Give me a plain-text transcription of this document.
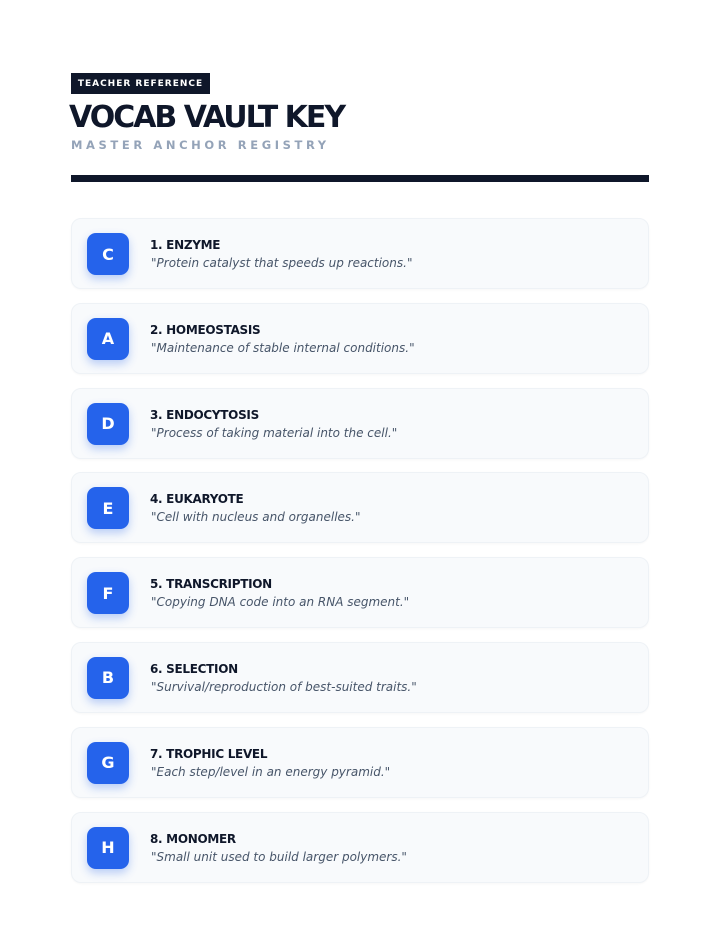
TEACHER REFERENCE
VOCAB VAULT KEY
MASTER ANCHOR REGISTRY
C	1. ENZYME
"Protein catalyst that speeds up reactions."
A	2. HOMEOSTASIS
"Maintenance of stable internal conditions."
D	3. ENDOCYTOSIS
"Process of taking material into the cell."
E	4. EUKARYOTE
"Cell with nucleus and organelles."
F	5. TRANSCRIPTION
"Copying DNA code into an RNA segment."
B	6. SELECTION
"Survival/reproduction of best-suited traits."
G	7. TROPHIC LEVEL
"Each step/level in an energy pyramid."
H	8. MONOMER
"Small unit used to build larger polymers."
